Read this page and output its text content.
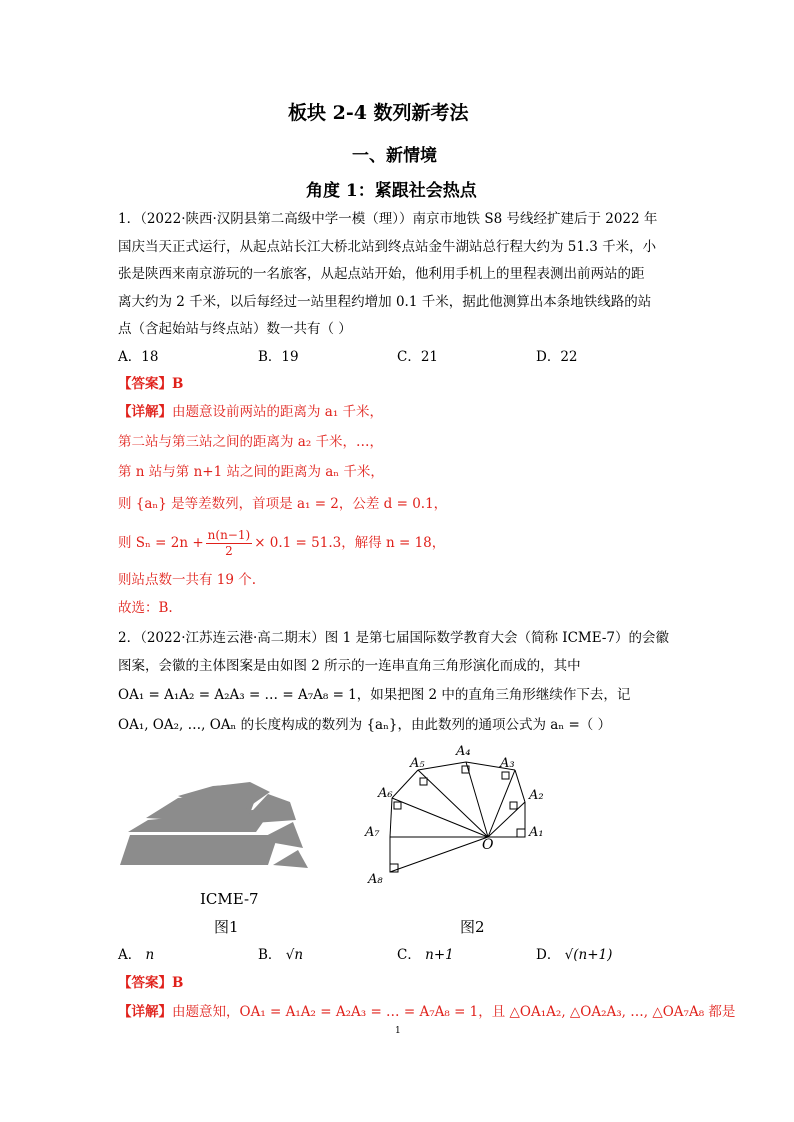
板块 2-4 数列新考法
一、新情境
角度 1：紧跟社会热点
1．（2022·陕西·汉阴县第二高级中学一模（理））南京市地铁 S8 号线经扩建后于 2022 年
国庆当天正式运行，从起点站长江大桥北站到终点站金牛湖站总行程大约为 51.3 千米，小
张是陕西来南京游玩的一名旅客，从起点站开始，他利用手机上的里程表测出前两站的距
离大约为 2 千米，以后每经过一站里程约增加 0.1 千米，据此他测算出本条地铁线路的站
点（含起始站与终点站）数一共有（ ）
A．18	B．19	C．21	D．22
【答案】B
【详解】由题意设前两站的距离为 a₁ 千米，
第二站与第三站之间的距离为 a₂ 千米，…，
第 n 站与第 n+1 站之间的距离为 aₙ 千米，
则 {aₙ} 是等差数列，首项是 a₁ = 2，公差 d = 0.1，
则 $S_n = 2n + \frac{n(n-1)}{2} \times 0.1 = 51.3$，解得 n = 18，
则站点数一共有 19 个.
故选：B.
2．（2022·江苏连云港·高二期末）图 1 是第七届国际数学教育大会（简称 ICME-7）的会徽
图案，会徽的主体图案是由如图 2 所示的一连串直角三角形演化而成的，其中
OA₁ = A₁A₂ = A₂A₃ = … = A₇A₈ = 1，如果把图 2 中的直角三角形继续作下去，记
OA₁, OA₂, …, OAₙ 的长度构成的数列为 {aₙ}，由此数列的通项公式为 aₙ =（ ）
ICME-7
图1
A₁
A₂
A₃
A₄
A₅
A₆
A₇
A₈
O
图2
A． n	B． √n	C． n+1	D． √(n+1)
【答案】B
【详解】由题意知，OA₁ = A₁A₂ = A₂A₃ = … = A₇A₈ = 1，且 △OA₁A₂, △OA₂A₃, …, △OA₇A₈ 都是
1
